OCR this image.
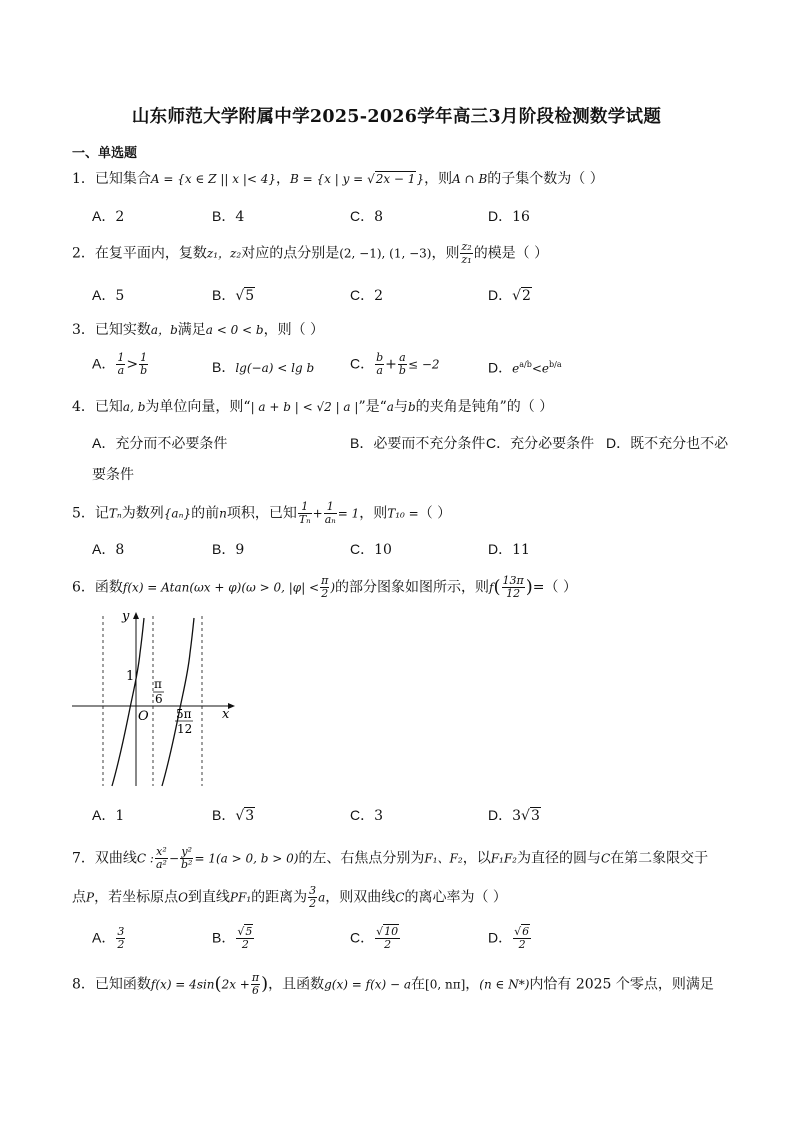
山东师范大学附属中学2025-2026学年高三3月阶段检测数学试题
一、单选题
1．已知集合A = {x ∈ Z || x |< 4}，B = {x | y = √2x − 1}，则A ∩ B的子集个数为（ ）
A．2	B．4	C．8	D．16
2．在复平面内，复数z₁，z₂对应的点分别是(2, −1), (1, −3)，则 $\frac{\text{z₂}}{\text{z₁}}$ 的模是（ ）
A．5	B．√5	C．2	D．√2
3．已知实数a，b满足a < 0 < b，则（ ）
A． $\frac{1}{a} > \frac{1}{b}$	B．lg(−a) < lg b	C． $\frac{b}{a} + \frac{a}{b} \le -2$	D．$e^{a/b}<e^{b/a}$
4．已知a, b为单位向量，则“| a + b | < √2 | a |”是“a与b的夹角是钝角”的（ ）
A．充分而不必要条件	B．必要而不充分条件 C．充分必要条件 D．既不充分也不必
要条件
5．记Tₙ为数列{aₙ}的前n项积，已知 $\frac{1}{\text{Tₙ}} + \frac{1}{\text{aₙ}} = 1$，则T₁₀ =（ ）
A．8	B．9	C．10	D．11
6．函数f(x) = Atan(ωx + φ)(ω > 0, $|\varphi| < \frac{\pi}{2}$ )的部分图象如图所示，则$f( \frac{13\pi}{12}$ )=（ ）
y
x
O
1 π
6
5π
12
A．1	B．√3	C．3	D．3√3
7．双曲线C : $\frac{\text{x²}}{\text{a²}} - \frac{\text{y²}}{\text{b²}} = 1(a > 0$, b > 0)的左、右焦点分别为F₁、F₂，以F₁F₂为直径的圆与C在第二象限交于
点P，若坐标原点O到直线PF₁的距离为 $\frac{3}{2}$ a，则双曲线C的离心率为（ ）
A． $\frac{3}{2}$	B． $\frac{√5}{2}$	C． $\frac{√10}{2}$	D． $\frac{√6}{2}$
8．已知函数$f(x) = 4\sin(2x + \frac{\pi}{6}$ )，且函数g(x) = f(x) − a在[0, nπ]，(n ∈ N*)内恰有 2025 个零点，则满足
